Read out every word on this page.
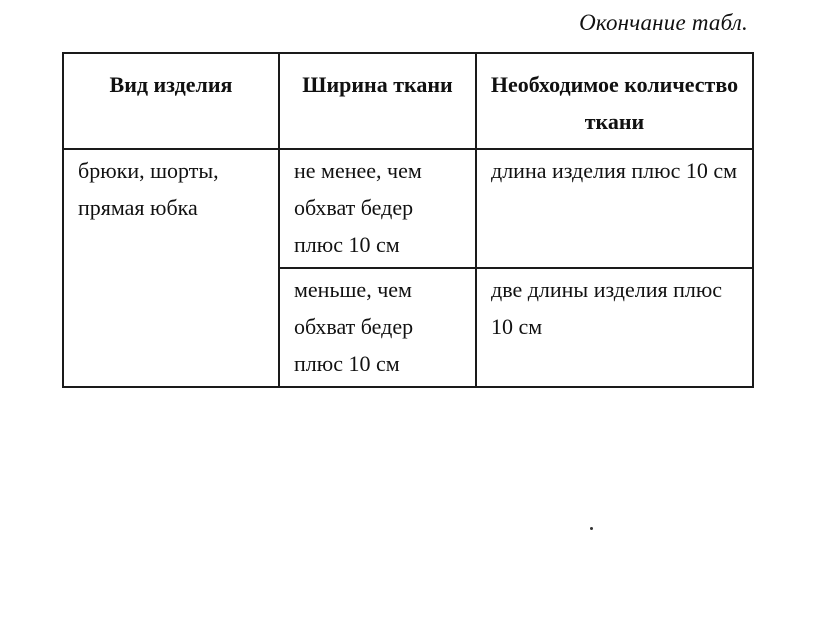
Окончание табл.
Вид изделия	Ширина ткани	Необходимое количество ткани
брюки, шорты, прямая юбка	не менее, чем обхват бедер плюс 10 см	длина изделия плюс 10 см
	меньше, чем обхват бедер плюс 10 см	две длины изделия плюс 10 см
